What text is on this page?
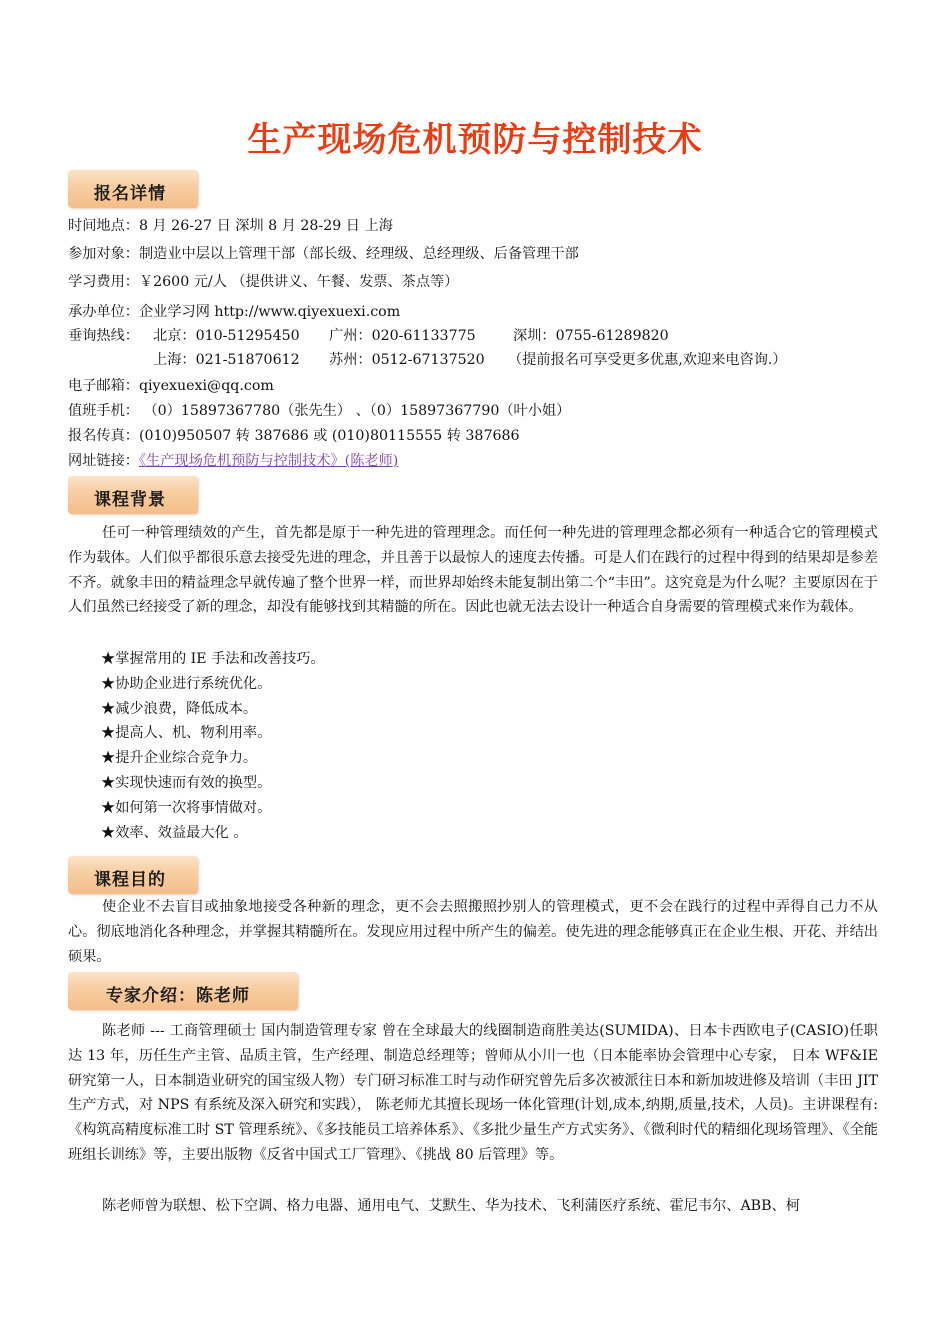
生产现场危机预防与控制技术
报名详情
时间地点：8 月 26-27 日 深圳 8 月 28-29 日 上海
参加对象：制造业中层以上管理干部（部长级、经理级、总经理级、后备管理干部
学习费用：￥2600 元/人 （提供讲义、午餐、发票、茶点等）
承办单位：企业学习网 http://www.qiyexuexi.com
垂询热线： 北京：010-51295450 广州：020-61133775	深圳：0755-61289820
上海：021-51870612 苏州：0512-67137520 （提前报名可享受更多优惠,欢迎来电咨询.）
电子邮箱：qiyexuexi@qq.com
值班手机： （0）15897367780（张先生） 、（0）15897367790（叶小姐）
报名传真：(010)950507 转 387686 或 (010)80115555 转 387686
网址链接：《生产现场危机预防与控制技术》(陈老师)
课程背景
任可一种管理绩效的产生，首先都是原于一种先进的管理理念。而任何一种先进的管理理念都必须有一种适合它的管理模式作为载体。人们似乎都很乐意去接受先进的理念，并且善于以最惊人的速度去传播。可是人们在践行的过程中得到的结果却是参差不齐。就象丰田的精益理念早就传遍了整个世界一样，而世界却始终未能复制出第二个“丰田”。这究竟是为什么呢？主要原因在于人们虽然已经接受了新的理念，却没有能够找到其精髓的所在。因此也就无法去设计一种适合自身需要的管理模式来作为载体。
★掌握常用的 IE 手法和改善技巧。
★协助企业进行系统优化。
★减少浪费，降低成本。
★提高人、机、物利用率。
★提升企业综合竞争力。
★实现快速而有效的换型。
★如何第一次将事情做对。
★效率、效益最大化 。
课程目的
使企业不去盲目或抽象地接受各种新的理念，更不会去照搬照抄别人的管理模式，更不会在践行的过程中弄得自己力不从心。彻底地消化各种理念，并掌握其精髓所在。发现应用过程中所产生的偏差。使先进的理念能够真正在企业生根、开花、并结出硕果。
专家介绍：陈老师
陈老师 --- 工商管理硕士 国内制造管理专家 曾在全球最大的线圈制造商胜美达(SUMIDA)、日本卡西欧电子(CASIO)任职达 13 年，历任生产主管、品质主管，生产经理、制造总经理等；曾师从小川一也（日本能率协会管理中心专家， 日本 WF&IE 研究第一人，日本制造业研究的国宝级人物）专门研习标准工时与动作研究曾先后多次被派往日本和新加坡进修及培训（丰田 JIT 生产方式，对 NPS 有系统及深入研究和实践）， 陈老师尤其擅长现场一体化管理(计划,成本,纳期,质量,技术，人员)。主讲课程有:《构筑高精度标准工时 ST 管理系统》、《多技能员工培养体系》、《多批少量生产方式实务》、《微利时代的精细化现场管理》、《全能班组长训练》等，主要出版物《反省中国式工厂管理》、《挑战 80 后管理》等。
陈老师曾为联想、松下空调、格力电器、通用电气、艾默生、华为技术、飞利蒲医疗系统、霍尼韦尔、ABB、柯
